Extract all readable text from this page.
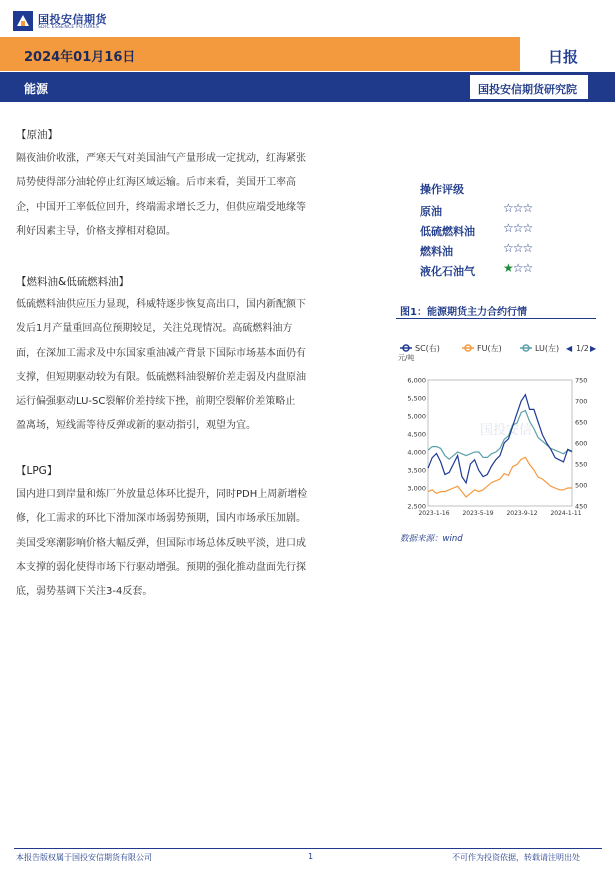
国投安信期货
SDIC ESSENCE FUTURES
2024年01月16日	日报
能源	国投安信期货研究院
【原油】
隔夜油价收涨，严寒天气对美国油气产量形成一定扰动，红海紧张
局势使得部分油轮停止红海区域运输。后市来看，美国开工率高
企，中国开工率低位回升，终端需求增长乏力，但供应端受地缘等
利好因素主导，价格支撑相对稳固。
【燃料油&低硫燃料油】
低硫燃料油供应压力显现，科威特逐步恢复高出口，国内新配额下
发后1月产量重回高位预期较足，关注兑现情况。高硫燃料油方
面，在深加工需求及中东国家重油减产背景下国际市场基本面仍有
支撑，但短期驱动较为有限。低硫燃料油裂解价差走弱及内盘原油
运行偏强驱动LU-SC裂解价差持续下挫，前期空裂解价差策略止
盈离场，短线需等待反弹或新的驱动指引，观望为宜。
【LPG】
国内进口到岸量和炼厂外放量总体环比提升，同时PDH上周新增检
修，化工需求的环比下滑加深市场弱势预期，国内市场承压加剧。
美国受寒潮影响价格大幅反弹，但国际市场总体反映平淡，进口成
本支撑的弱化使得市场下行驱动增强。预期的强化推动盘面先行探
底，弱势基调下关注3-4反套。
操作评级
原油	☆☆☆
低硫燃料油 ☆☆☆
燃料油	☆☆☆
液化石油气 ★☆☆
图1：能源期货主力合约行情
SC(右)	FU(左)	LU(左) ◀ 1/2 ▶
元/吨
6,000
5,500
5,000
4,500
4,000
3,500
3,000
2,500
750
700
650
600
550
500
450
2023-1-16 2023-5-19 2023-9-12 2024-1-11
国投安信
数据来源：wind
本报告版权属于国投安信期货有限公司	1	不可作为投资依据，转载请注明出处
